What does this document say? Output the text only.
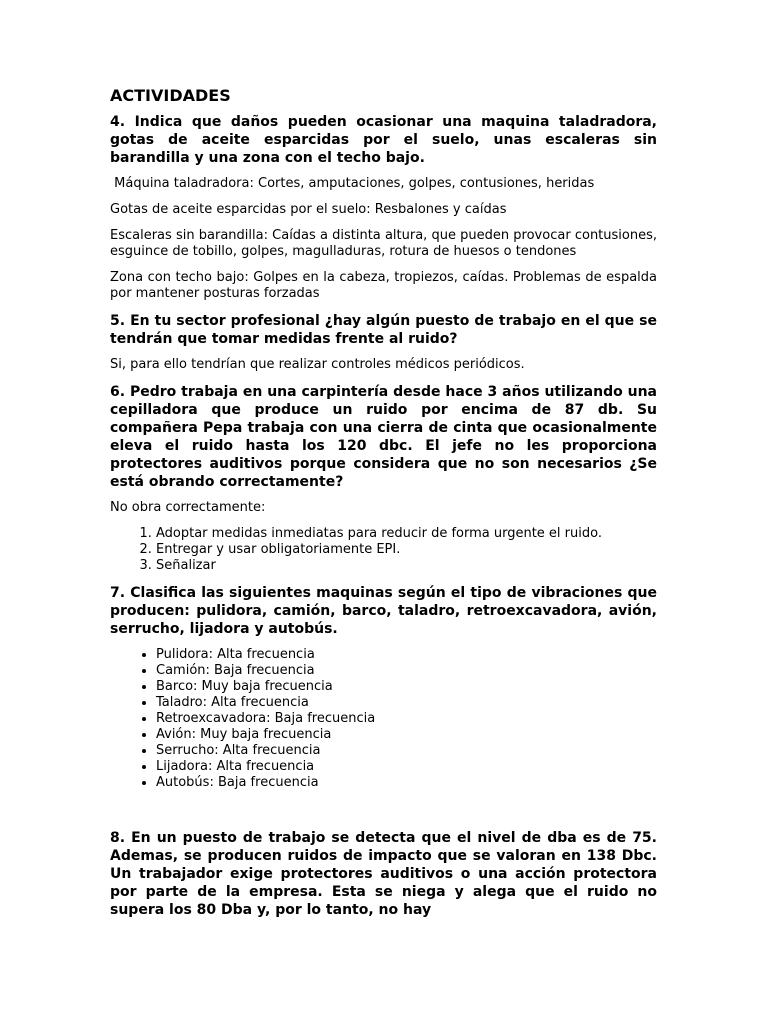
ACTIVIDADES
4. Indica que daños pueden ocasionar una maquina taladradora, gotas de aceite esparcidas por el suelo, unas escaleras sin barandilla y una zona con el techo bajo.

Máquina taladradora: Cortes, amputaciones, golpes, contusiones, heridas

Gotas de aceite esparcidas por el suelo: Resbalones y caídas

Escaleras sin barandilla: Caídas a distinta altura, que pueden provocar contusiones, esguince de tobillo, golpes, magulladuras, rotura de huesos o tendones

Zona con techo bajo: Golpes en la cabeza, tropiezos, caídas. Problemas de espalda por mantener posturas forzadas

5. En tu sector profesional ¿hay algún puesto de trabajo en el que se tendrán que tomar medidas frente al ruido?

Si, para ello tendrían que realizar controles médicos periódicos.

6. Pedro trabaja en una carpintería desde hace 3 años utilizando una cepilladora que produce un ruido por encima de 87 db. Su compañera Pepa trabaja con una cierra de cinta que ocasionalmente eleva el ruido hasta los 120 dbc. El jefe no les proporciona protectores auditivos porque considera que no son necesarios ¿Se está obrando correctamente?

No obra correctamente:

1. Adoptar medidas inmediatas para reducir de forma urgente el ruido.
2. Entregar y usar obligatoriamente EPI.
3. Señalizar
7. Clasifica las siguientes maquinas según el tipo de vibraciones que producen: pulidora, camión, barco, taladro, retroexcavadora, avión, serrucho, lijadora y autobús.
• Pulidora: Alta frecuencia
• Camión: Baja frecuencia
• Barco: Muy baja frecuencia
• Taladro: Alta frecuencia
• Retroexcavadora: Baja frecuencia
• Avión: Muy baja frecuencia
• Serrucho: Alta frecuencia
• Lijadora: Alta frecuencia
• Autobús: Baja frecuencia
8. En un puesto de trabajo se detecta que el nivel de dba es de 75. Ademas, se producen ruidos de impacto que se valoran en 138 Dbc. Un trabajador exige protectores auditivos o una acción protectora por parte de la empresa. Esta se niega y alega que el ruido no supera los 80 Dba y, por lo tanto, no hay
